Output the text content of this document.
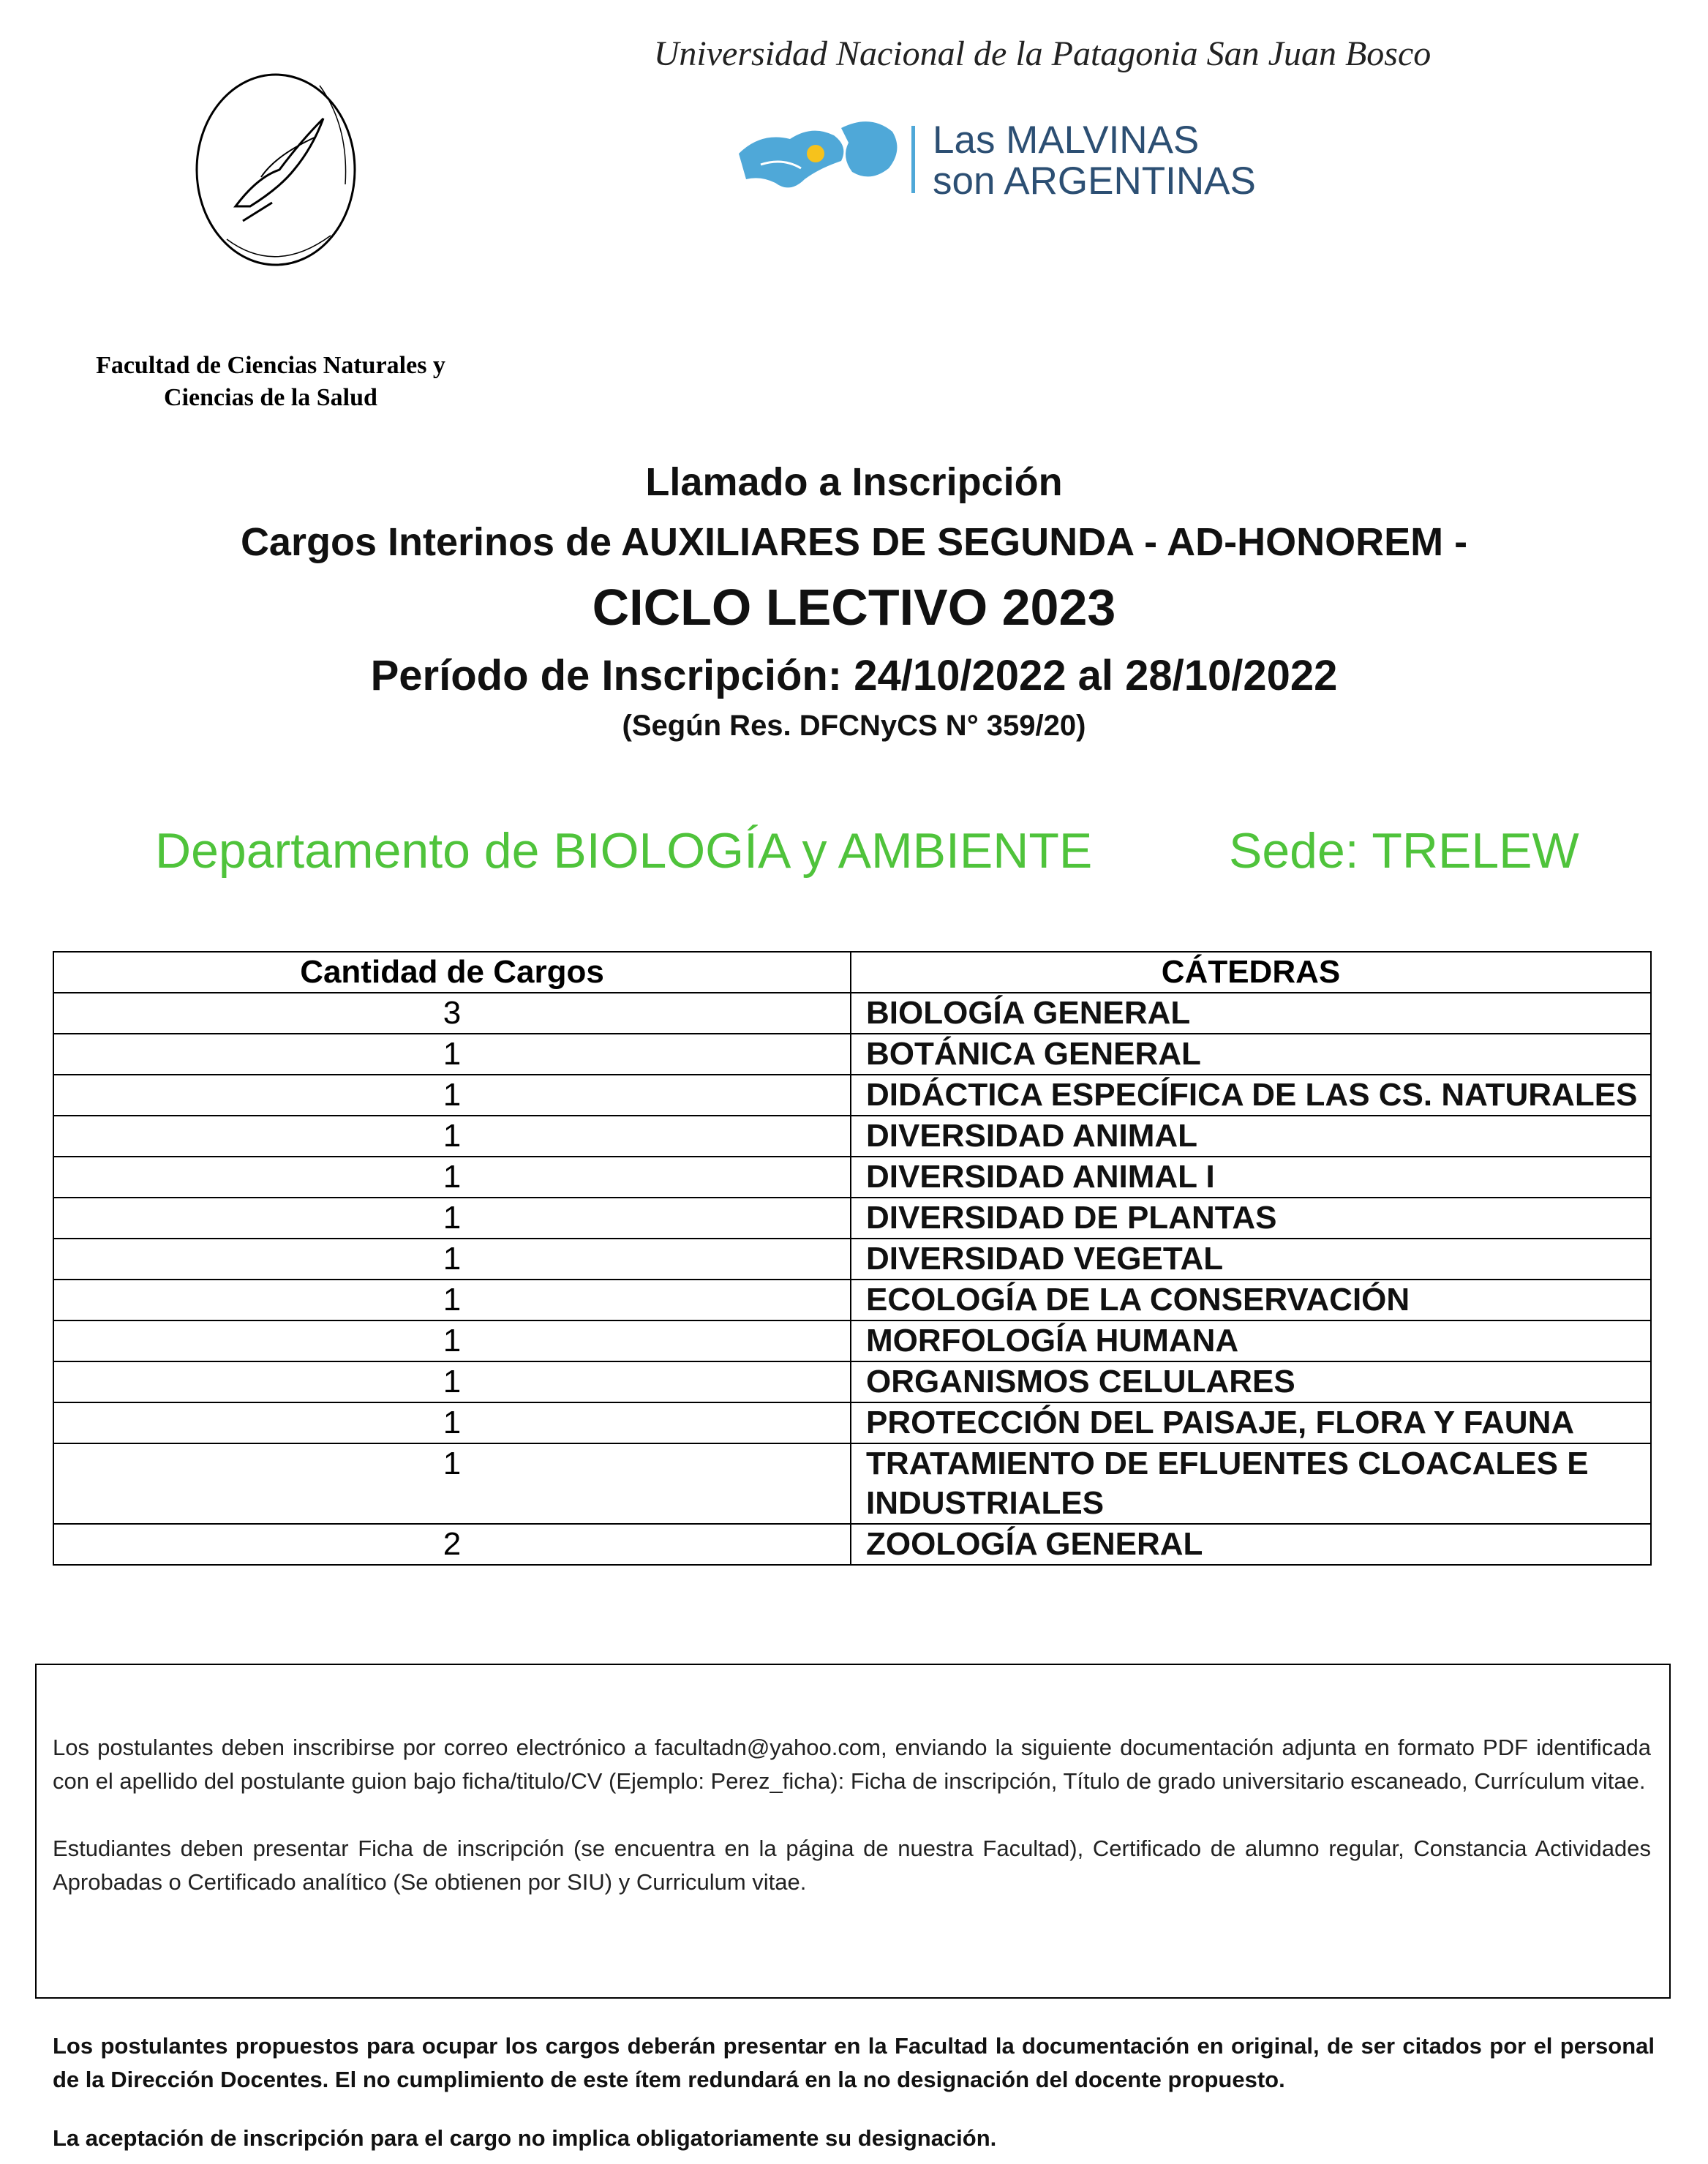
Universidad Nacional de la Patagonia San Juan Bosco
Las MALVINAS
son ARGENTINAS
Facultad de Ciencias Naturales y
Ciencias de la Salud
Llamado a Inscripción
Cargos Interinos de AUXILIARES DE SEGUNDA - AD-HONOREM -
CICLO LECTIVO 2023
Período de Inscripción: 24/10/2022 al 28/10/2022
(Según Res. DFCNyCS N° 359/20)
Departamento de BIOLOGÍA y AMBIENTE	Sede: TRELEW
Cantidad de Cargos	CÁTEDRAS
3	BIOLOGÍA GENERAL
1	BOTÁNICA GENERAL
1	DIDÁCTICA ESPECÍFICA DE LAS CS. NATURALES
1	DIVERSIDAD ANIMAL
1	DIVERSIDAD ANIMAL I
1	DIVERSIDAD DE PLANTAS
1	DIVERSIDAD VEGETAL
1	ECOLOGÍA DE LA CONSERVACIÓN
1	MORFOLOGÍA HUMANA
1	ORGANISMOS CELULARES
1	PROTECCIÓN DEL PAISAJE, FLORA Y FAUNA
1	TRATAMIENTO DE EFLUENTES CLOACALES E INDUSTRIALES
2	ZOOLOGÍA GENERAL

Los postulantes deben inscribirse por correo electrónico a facultadn@yahoo.com, enviando la siguiente documentación adjunta en formato PDF identificada con el apellido del postulante guion bajo ficha/titulo/CV (Ejemplo: Perez_ficha): Ficha de inscripción, Título de grado universitario escaneado, Currículum vitae.

Estudiantes deben presentar Ficha de inscripción (se encuentra en la página de nuestra Facultad), Certificado de alumno regular, Constancia Actividades Aprobadas o Certificado analítico (Se obtienen por SIU) y Curriculum vitae.

Los postulantes propuestos para ocupar los cargos deberán presentar en la Facultad la documentación en original, de ser citados por el personal de la Dirección Docentes. El no cumplimiento de este ítem redundará en la no designación del docente propuesto.
La aceptación de inscripción para el cargo no implica obligatoriamente su designación.
